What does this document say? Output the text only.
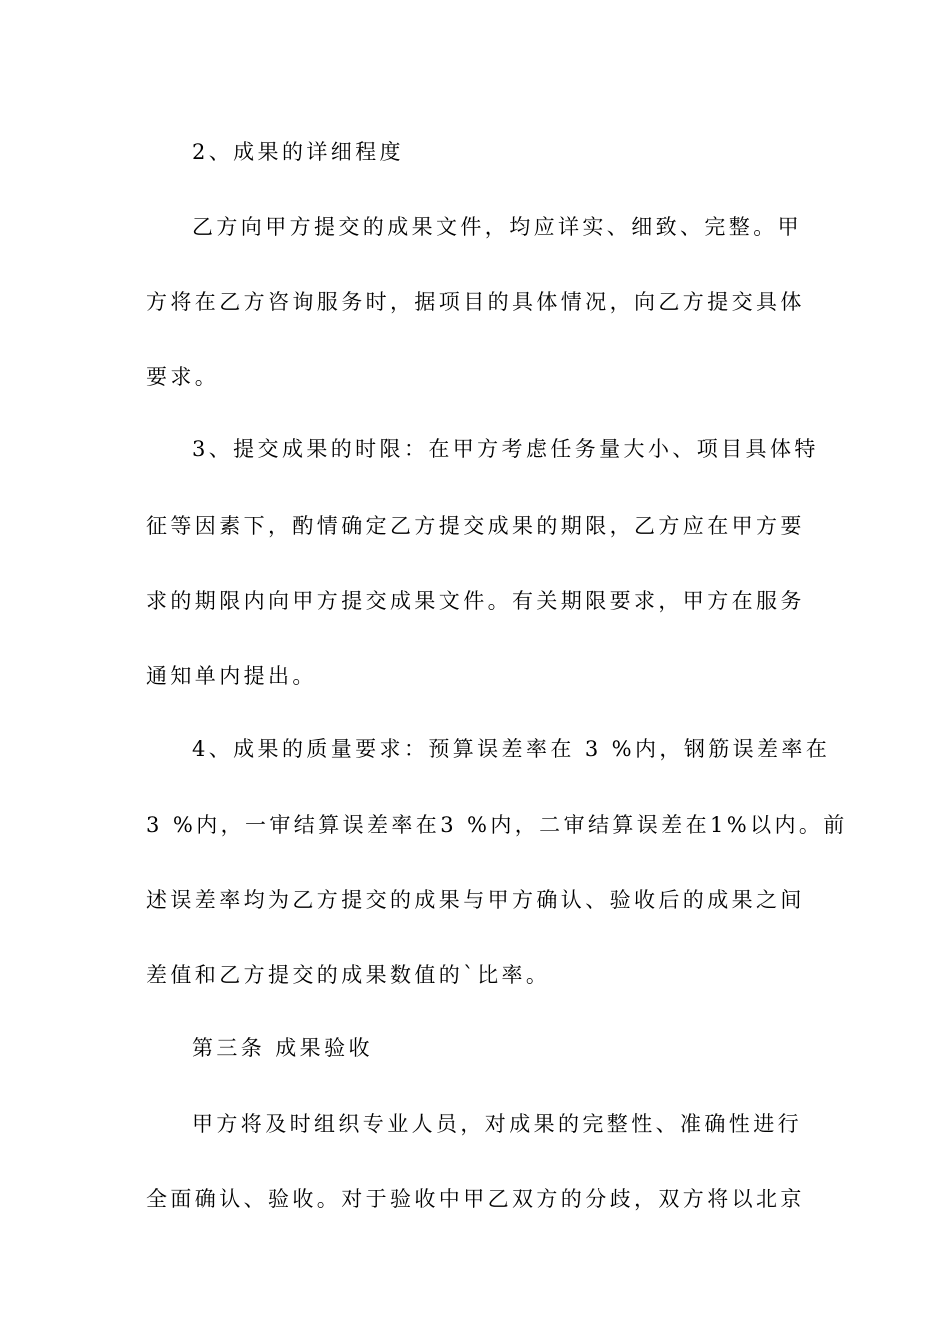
2、成果的详细程度
乙方向甲方提交的成果文件，均应详实、细致、完整。甲
方将在乙方咨询服务时，据项目的具体情况，向乙方提交具体
要求。
3、提交成果的时限：在甲方考虑任务量大小、项目具体特
征等因素下，酌情确定乙方提交成果的期限，乙方应在甲方要
求的期限内向甲方提交成果文件。有关期限要求，甲方在服务
通知单内提出。
4、成果的质量要求：预算误差率在 3 %内，钢筋误差率在
3 %内，一审结算误差率在3 %内，二审结算误差在1%以内。前
述误差率均为乙方提交的成果与甲方确认、验收后的成果之间
差值和乙方提交的成果数值的`比率。
第三条 成果验收
甲方将及时组织专业人员，对成果的完整性、准确性进行
全面确认、验收。对于验收中甲乙双方的分歧，双方将以北京
